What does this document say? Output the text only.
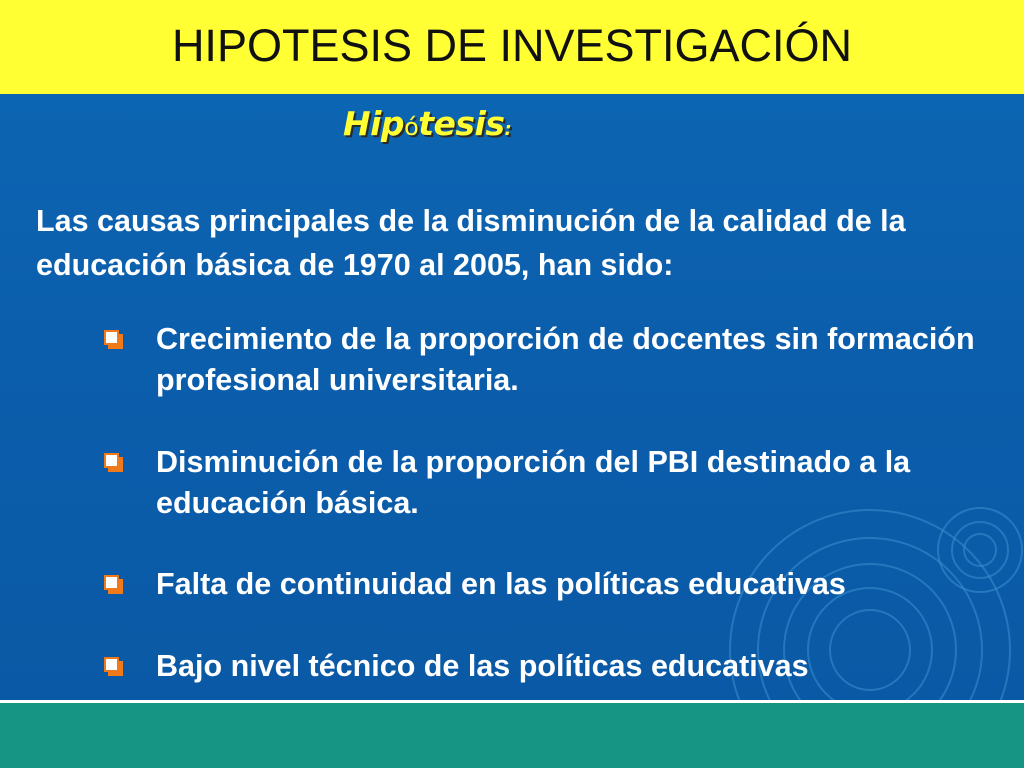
HIPOTESIS DE INVESTIGACIÓN
Hipótesis:
Las causas principales de la disminución de la calidad de la educación básica de 1970 al 2005, han sido:
Crecimiento de la proporción de docentes sin formación profesional universitaria.
Disminución de la proporción del PBI destinado a la educación básica.
Falta de continuidad en las políticas educativas
Bajo nivel técnico de las políticas educativas
